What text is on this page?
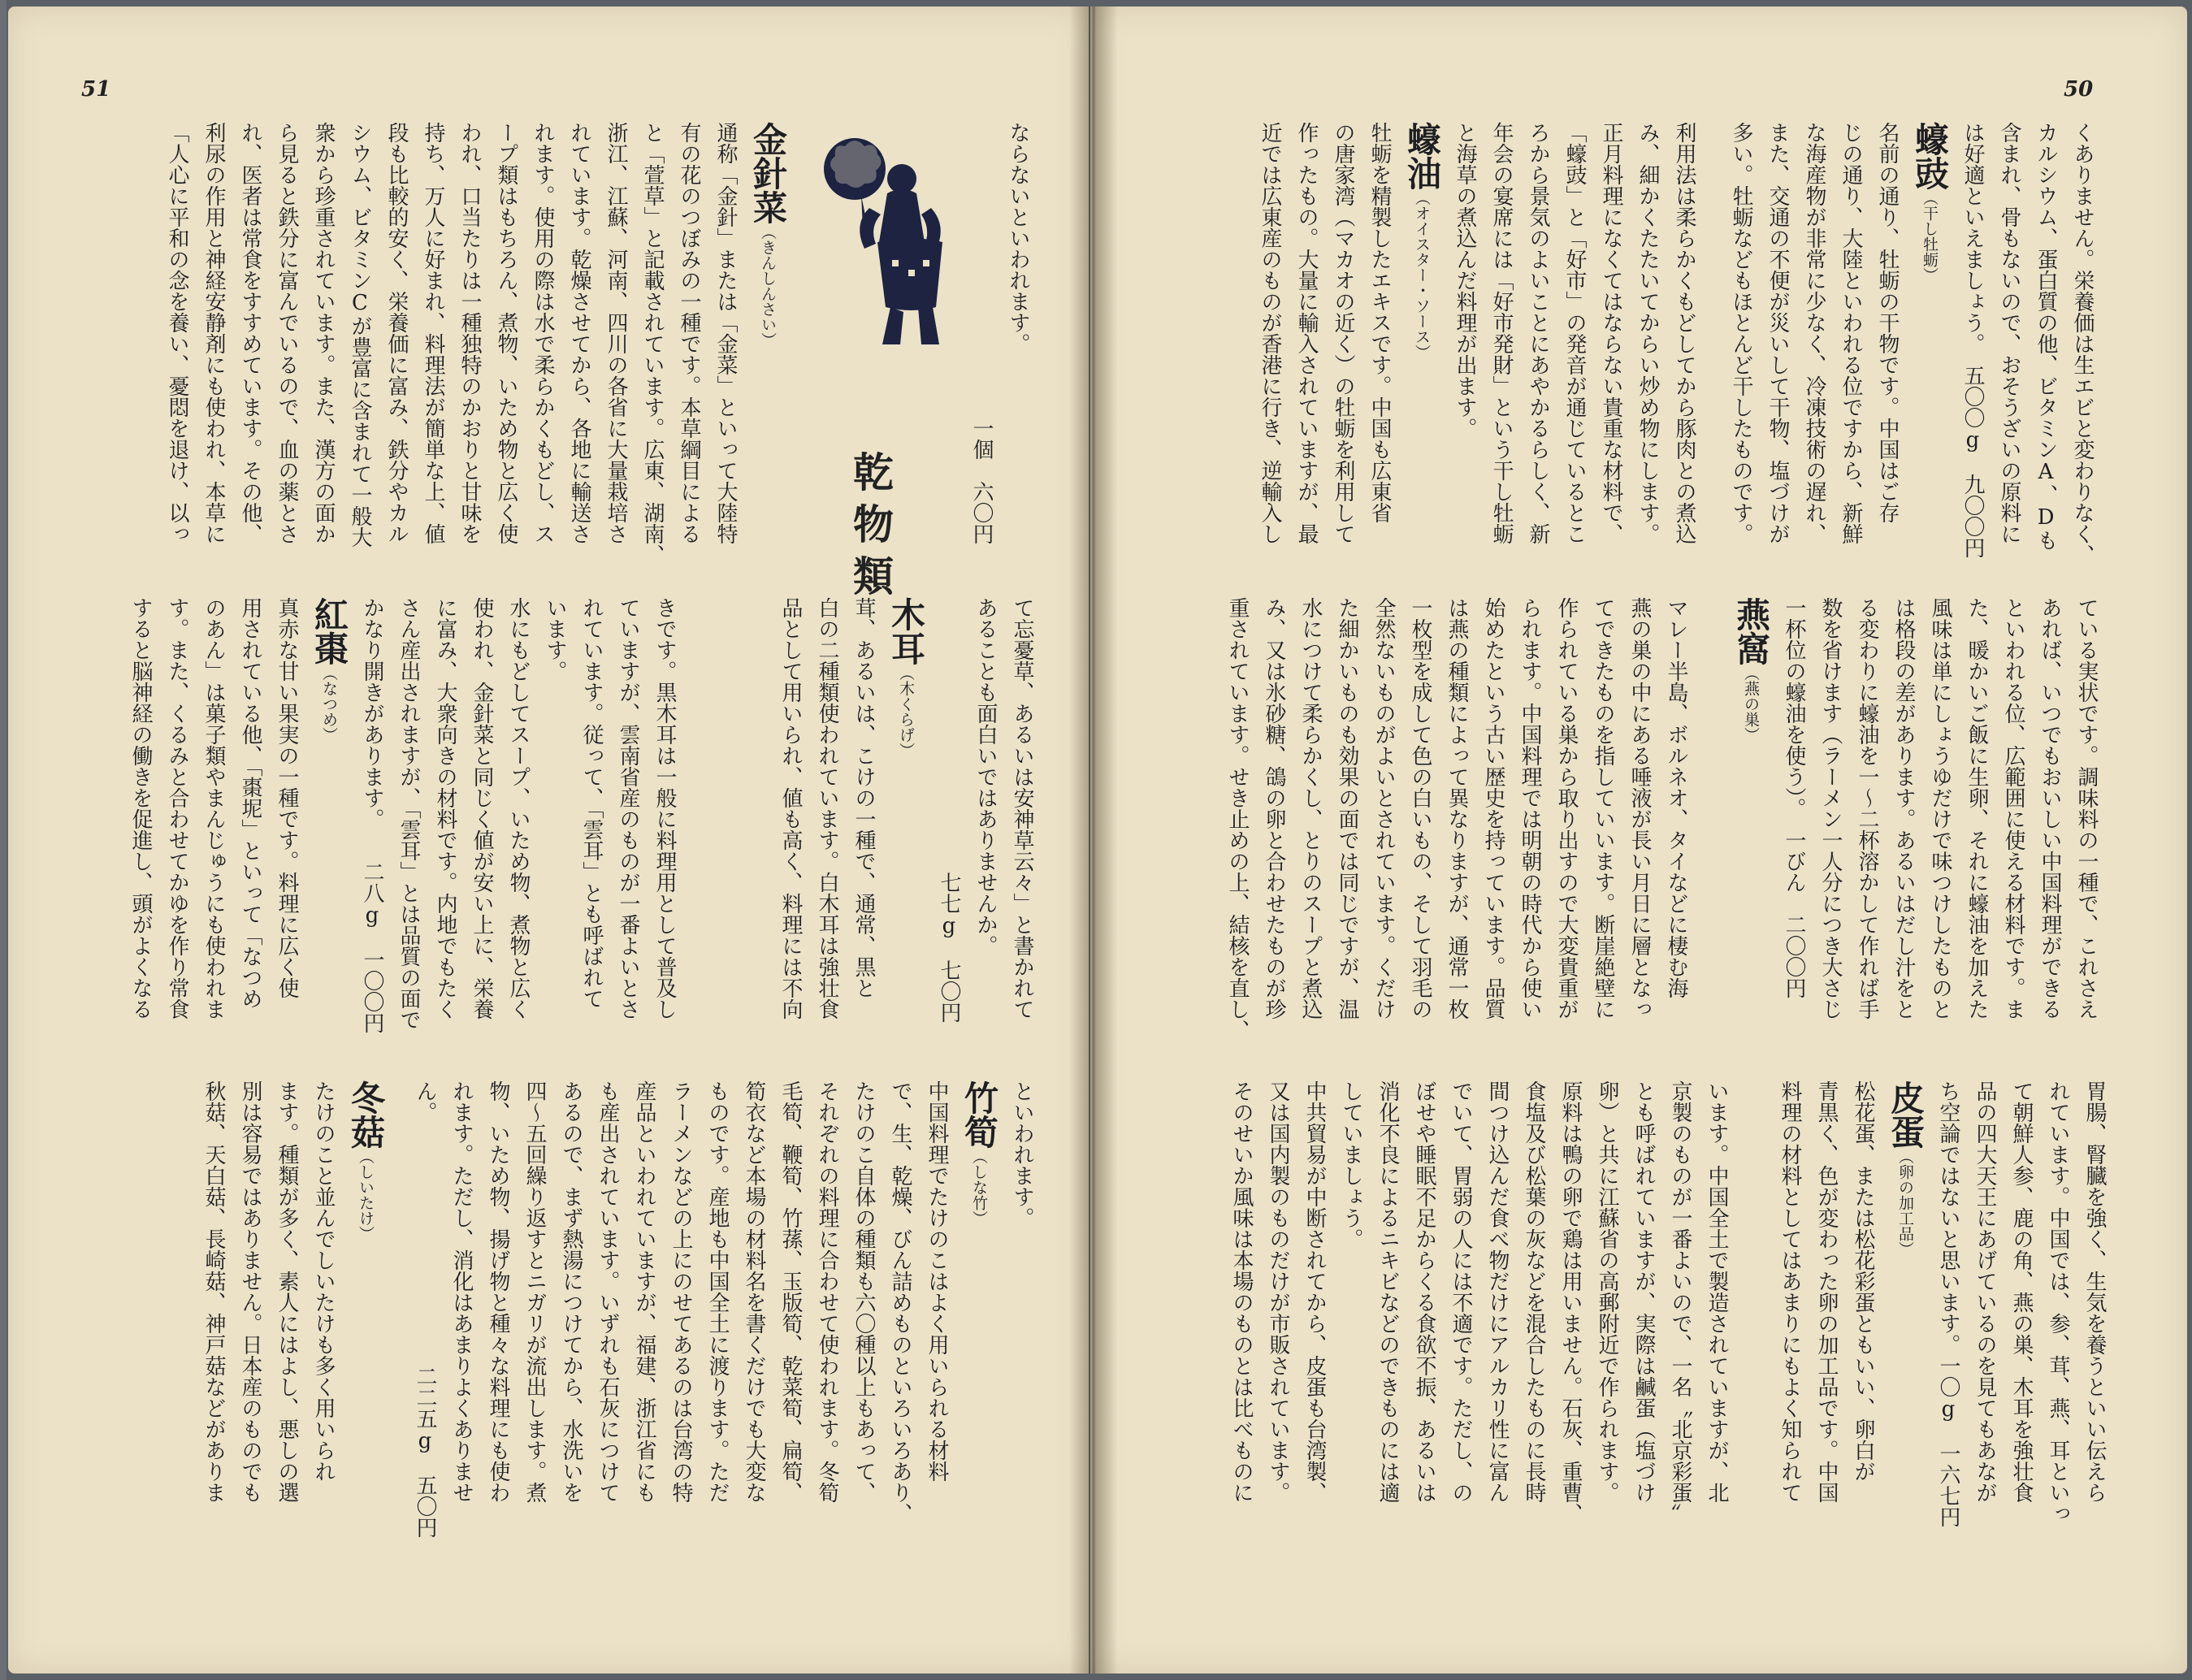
51	50

くありません。栄養価は生エビと変わりなく、

カルシウム、蛋白質の他、ビタミンA、Dも

含まれ、骨もないので、おそうざいの原料に

は好適といえましょう。　五〇〇g　九〇〇円

蠔豉（干し牡蛎）

名前の通り、牡蛎の干物です。中国はご存

じの通り、大陸といわれる位ですから、新鮮

な海産物が非常に少なく、冷凍技術の遅れ、

また、交通の不便が災いして干物、塩づけが

多い。牡蛎などもほとんど干したものです。

利用法は柔らかくもどしてから豚肉との煮込

み、細かくたたいてからい炒め物にします。

正月料理になくてはならない貴重な材料で、

「蠔豉」と「好市」の発音が通じているとこ

ろから景気のよいことにあやかるらしく、新

年会の宴席には「好市発財」という干し牡蛎

と海草の煮込んだ料理が出ます。

蠔油（オイスター・ソース）

牡蛎を精製したエキスです。中国も広東省

の唐家湾（マカオの近く）の牡蛎を利用して

作ったもの。大量に輸入されていますが、最

近では広東産のものが香港に行き、逆輸入し

ている実状です。調味料の一種で、これさえ

あれば、いつでもおいしい中国料理ができる

といわれる位、広範囲に使える材料です。ま

た、暖かいご飯に生卵、それに蠔油を加えた

風味は単にしょうゆだけで味つけしたものと

は格段の差があります。あるいはだし汁をと

る変わりに蠔油を一〜二杯溶かして作れば手

数を省けます（ラーメン一人分につき大さじ

一杯位の蠔油を使う）。　一びん　二〇〇円

燕窩（燕の巣）

マレー半島、ボルネオ、タイなどに棲む海

燕の巣の中にある唾液が長い月日に層となっ

てできたものを指していいます。断崖絶壁に

作られている巣から取り出すので大変貴重が

られます。中国料理では明朝の時代から使い

始めたという古い歴史を持っています。品質

は燕の種類によって異なりますが、通常一枚

一枚型を成して色の白いもの、そして羽毛の

全然ないものがよいとされています。くだけ

た細かいものも効果の面では同じですが、温

水につけて柔らかくし、とりのスープと煮込

み、又は氷砂糖、鴿の卵と合わせたものが珍

重されています。せき止めの上、結核を直し、

胃腸、腎臓を強く、生気を養うといい伝えら

れています。中国では、参、茸、燕、耳といっ

て朝鮮人参、鹿の角、燕の巣、木耳を強壮食

品の四大天王にあげているのを見てもあなが

ち空論ではないと思います。一〇g　一六七円

皮蛋（卵の加工品）

松花蛋、または松花彩蛋ともいい、卵白が

青黒く、色が変わった卵の加工品です。中国

料理の材料としてはあまりにもよく知られて

います。中国全土で製造されていますが、北

京製のものが一番よいので、一名〝北京彩蛋〟

とも呼ばれていますが、実際は鹹蛋（塩づけ

卵）と共に江蘇省の高郵附近で作られます。

原料は鴨の卵で鶏は用いません。石灰、重曹、

食塩及び松葉の灰などを混合したものに長時

間つけ込んだ食べ物だけにアルカリ性に富ん

でいて、胃弱の人には不適です。ただし、の

ぼせや睡眠不足からくる食欲不振、あるいは

消化不良によるニキビなどのできものには適

していましょう。

中共貿易が中断されてから、皮蛋も台湾製、

又は国内製のものだけが市販されています。

そのせいか風味は本場のものとは比べものに

乾物類

ならないといわれます。

　　　　　　　　　　　　　　一個　六〇円

金針菜（きんしんさい）

通称「金針」または「金菜」といって大陸特

有の花のつぼみの一種です。本草綱目による

と「萱草」と記載されています。広東、湖南、

浙江、江蘇、河南、四川の各省に大量栽培さ

れています。乾燥させてから、各地に輸送さ

れます。使用の際は水で柔らかくもどし、ス

ープ類はもちろん、煮物、いため物と広く使

われ、口当たりは一種独特のかおりと甘味を

持ち、万人に好まれ、料理法が簡単な上、値

段も比較的安く、栄養価に富み、鉄分やカル

シウム、ビタミンCが豊富に含まれて一般大

衆から珍重されています。また、漢方の面か

ら見ると鉄分に富んでいるので、血の薬とさ

れ、医者は常食をすすめています。その他、

利尿の作用と神経安静剤にも使われ、本草に

「人心に平和の念を養い、憂悶を退け、以っ

て忘憂草、あるいは安神草云々」と書かれて

あることも面白いではありませんか。

　　　　　　　　　　　　　七七g　七〇円

木耳（木くらげ）

茸、あるいは、こけの一種で、通常、黒と

白の二種類使われています。白木耳は強壮食

品として用いられ、値も高く、料理には不向

きです。黒木耳は一般に料理用として普及し

ていますが、雲南省産のものが一番よいとさ

れています。従って、「雲耳」とも呼ばれて

います。

水にもどしてスープ、いため物、煮物と広く

使われ、金針菜と同じく値が安い上に、栄養

に富み、大衆向きの材料です。内地でもたく

さん産出されますが、「雲耳」とは品質の面で

かなり開きがあります。　　二八g　一〇〇円

紅棗（なつめ）

真赤な甘い果実の一種です。料理に広く使

用されている他、「棗坭」といって「なつめ

のあん」は菓子類やまんじゅうにも使われま

す。また、くるみと合わせてかゆを作り常食

すると脳神経の働きを促進し、頭がよくなる

といわれます。

竹筍（しな竹）

中国料理でたけのこはよく用いられる材料

で、生、乾燥、びん詰めものといろいろあり、

たけのこ自体の種類も六〇種以上もあって、

それぞれの料理に合わせて使われます。冬筍

毛筍、鞭筍、竹蓀、玉版筍、乾菜筍、扁筍、

筍衣など本場の材料名を書くだけでも大変な

ものです。産地も中国全土に渡ります。ただ

ラーメンなどの上にのせてあるのは台湾の特

産品といわれていますが、福建、浙江省にも

も産出されています。いずれも石灰につけて

あるので、まず熱湯につけてから、水洗いを

四〜五回繰り返すとニガリが流出します。煮

物、いため物、揚げ物と種々な料理にも使わ

れます。ただし、消化はあまりよくありませ

ん。　　　　　　　　　　　　二二五g　五〇円

冬菇（しいたけ）

たけのこと並んでしいたけも多く用いられ

ます。種類が多く、素人にはよし、悪しの選

別は容易ではありません。日本産のものでも

秋菇、天白菇、長崎菇、神戸菇などがありま
